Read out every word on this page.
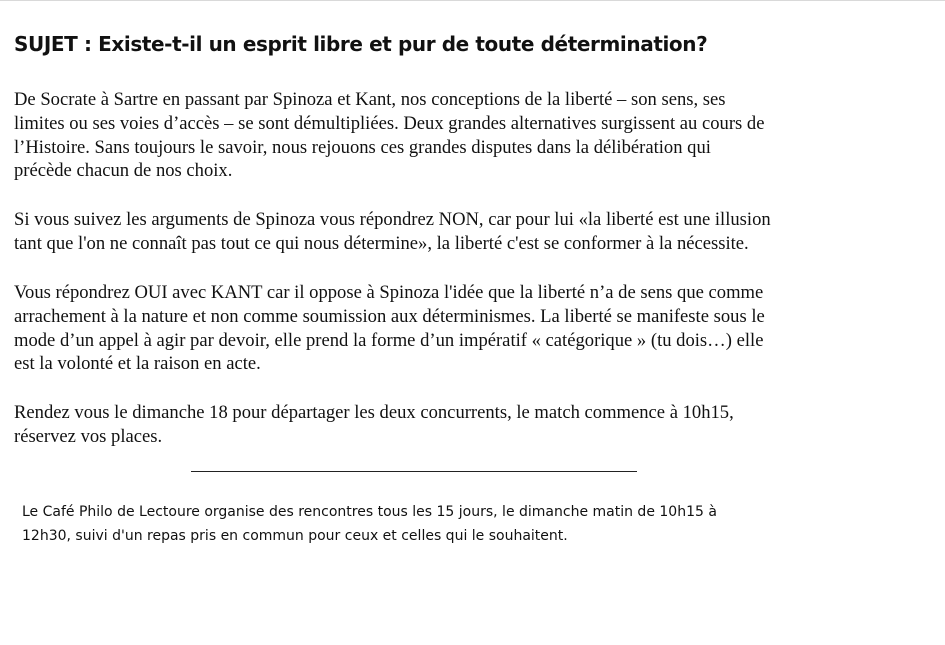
SUJET : Existe-t-il un esprit libre et pur de toute détermination?

De Socrate à Sartre en passant par Spinoza et Kant, nos conceptions de la liberté – son sens, ses
limites ou ses voies d’accès – se sont démultipliées. Deux grandes alternatives surgissent au cours de
l’Histoire. Sans toujours le savoir, nous rejouons ces grandes disputes dans la délibération qui
précède chacun de nos choix.

Si vous suivez les arguments de Spinoza vous répondrez NON, car pour lui «la liberté est une illusion
tant que l'on ne connaît pas tout ce qui nous détermine», la liberté c'est se conformer à la nécessite.

Vous répondrez OUI avec KANT car il oppose à Spinoza l'idée que la liberté n’a de sens que comme
arrachement à la nature et non comme soumission aux déterminismes. La liberté se manifeste sous le
mode d’un appel à agir par devoir, elle prend la forme d’un impératif « catégorique » (tu dois…) elle
est la volonté et la raison en acte.

Rendez vous le dimanche 18 pour départager les deux concurrents, le match commence à 10h15,
réservez vos places.

Le Café Philo de Lectoure organise des rencontres tous les 15 jours, le dimanche matin de 10h15 à
12h30, suivi d'un repas pris en commun pour ceux et celles qui le souhaitent.
